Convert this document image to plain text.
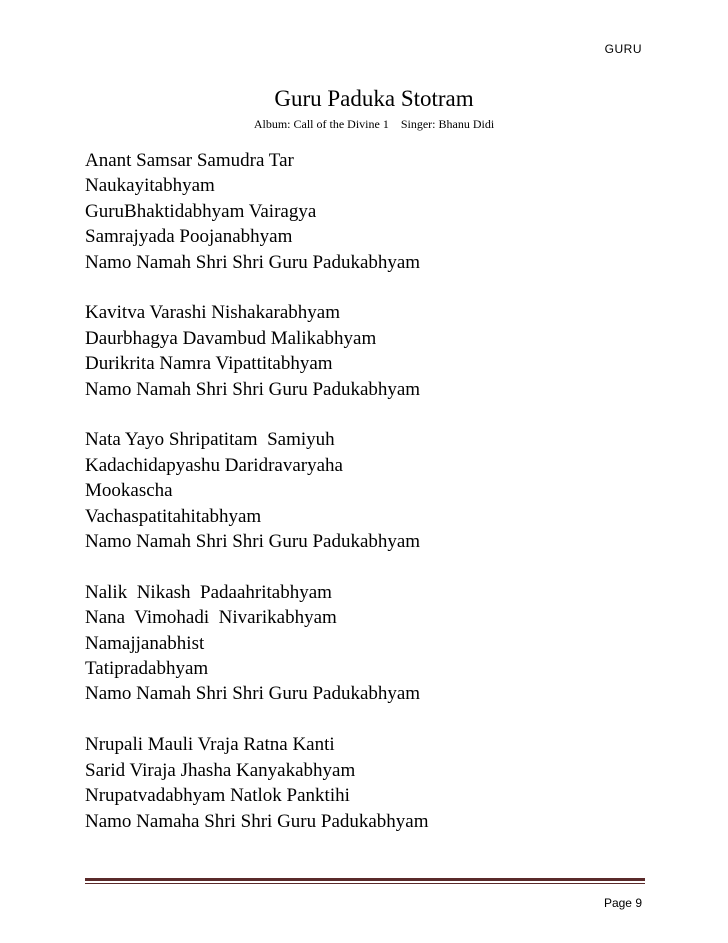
GURU
Guru Paduka Stotram
Album: Call of the Divine 1    Singer: Bhanu Didi
Anant Samsar Samudra Tar
Naukayitabhyam
GuruBhaktidabhyam Vairagya
Samrajyada Poojanabhyam
Namo Namah Shri Shri Guru Padukabhyam
Kavitva Varashi Nishakarabhyam
Daurbhagya Davambud Malikabhyam
Durikrita Namra Vipattitabhyam
Namo Namah Shri Shri Guru Padukabhyam
Nata Yayo Shripatitam  Samiyuh
Kadachidapyashu Daridravaryaha
Mookascha
Vachaspatitahitabhyam
Namo Namah Shri Shri Guru Padukabhyam
Nalik  Nikash  Padaahritabhyam
Nana  Vimohadi  Nivarikabhyam
Namajjanabhist
Tatipradabhyam
Namo Namah Shri Shri Guru Padukabhyam
Nrupali Mauli Vraja Ratna Kanti
Sarid Viraja Jhasha Kanyakabhyam
Nrupatvadabhyam Natlok Panktihi
Namo Namaha Shri Shri Guru Padukabhyam
Page 9
